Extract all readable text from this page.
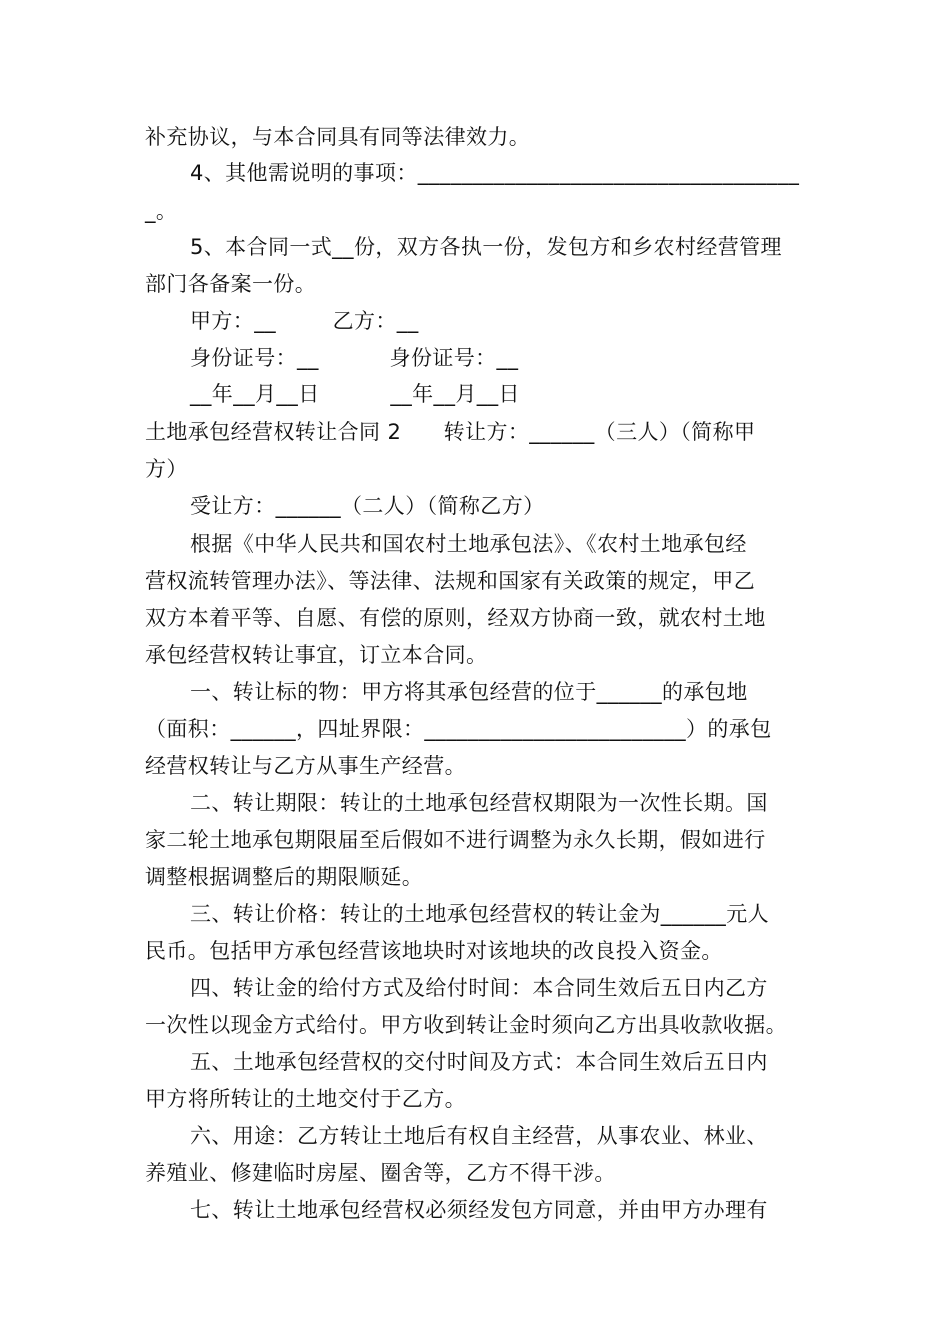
补充协议，与本合同具有同等法律效力。
4、其他需说明的事项：___________________________________
_。
5、本合同一式__份，双方各执一份，发包方和乡农村经营管理
部门各备案一份。
甲方：__        乙方：__
身份证号：__          身份证号：__
__年__月__日          __年__月__日
土地承包经营权转让合同 2      转让方：______（三人）（简称甲
方）
受让方：______（二人）（简称乙方）
根据《中华人民共和国农村土地承包法》、《农村土地承包经
营权流转管理办法》、等法律、法规和国家有关政策的规定，甲乙
双方本着平等、自愿、有偿的原则，经双方协商一致，就农村土地
承包经营权转让事宜，订立本合同。
一、转让标的物：甲方将其承包经营的位于______的承包地
（面积：______，四址界限：________________________）的承包
经营权转让与乙方从事生产经营。
二、转让期限：转让的土地承包经营权期限为一次性长期。国
家二轮土地承包期限届至后假如不进行调整为永久长期，假如进行
调整根据调整后的期限顺延。
三、转让价格：转让的土地承包经营权的转让金为______元人
民币。包括甲方承包经营该地块时对该地块的改良投入资金。
四、转让金的给付方式及给付时间：本合同生效后五日内乙方
一次性以现金方式给付。甲方收到转让金时须向乙方出具收款收据。
五、土地承包经营权的交付时间及方式：本合同生效后五日内
甲方将所转让的土地交付于乙方。
六、用途：乙方转让土地后有权自主经营，从事农业、林业、
养殖业、修建临时房屋、圈舍等，乙方不得干涉。
七、转让土地承包经营权必须经发包方同意，并由甲方办理有
